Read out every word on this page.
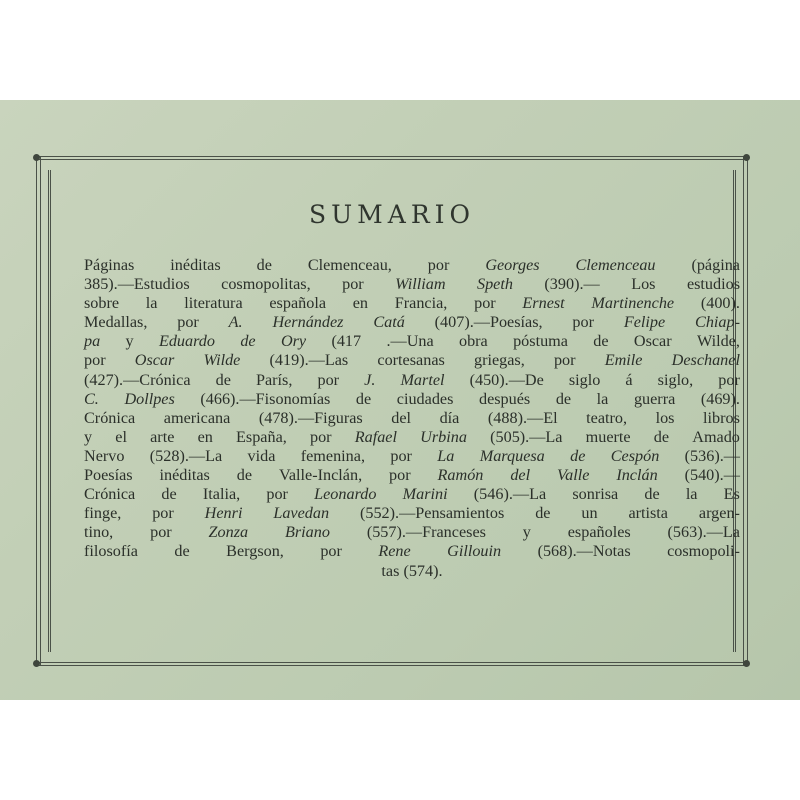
SUMARIO
Páginas inéditas de Clemenceau, por Georges Clemenceau (página
385).—Estudios cosmopolitas, por William Speth (390).— Los estudios
sobre la literatura española en Francia, por Ernest Martinenche (400).
Medallas, por A. Hernández Catá (407).—Poesías, por Felipe Chiap-
pa y Eduardo de Ory (417 .—Una obra póstuma de Oscar Wilde,
por Oscar Wilde (419).—Las cortesanas griegas, por Emile Deschanel
(427).—Crónica de París, por J. Martel (450).—De siglo á siglo, por
C. Dollpes (466).—Fisonomías de ciudades después de la guerra (469).
Crónica americana (478).—Figuras del día (488).—El teatro, los libros
y el arte en España, por Rafael Urbina (505).—La muerte de Amado
Nervo (528).—La vida femenina, por La Marquesa de Cespón (536).—
Poesías inéditas de Valle-Inclán, por Ramón del Valle Inclán (540).—
Crónica de Italia, por Leonardo Marini (546).—La sonrisa de la Es
finge, por Henri Lavedan (552).—Pensamientos de un artista argen-
tino, por Zonza Briano (557).—Franceses y españoles (563).—La
filosofía de Bergson, por Rene Gillouin (568).—Notas cosmopoli-
tas (574).
